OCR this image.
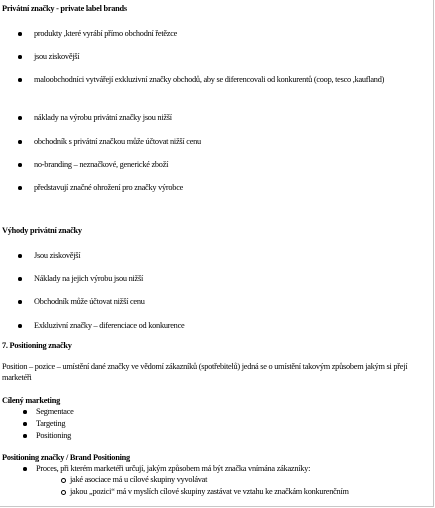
Privátní značky - private label brands
produkty ,které vyrábí přímo obchodní řetězce
jsou ziskovější
maloobchodníci vytvářejí exkluzivní značky obchodů, aby se diferencovali od konkurentů (coop, tesco ,kaufland)
náklady na výrobu privátní značky jsou nižší
obchodník s privátní značkou může účtovat nižší cenu
no-branding – neznačkové, generické zboží
představují značné ohrožení pro značky výrobce
Výhody privátní značky
Jsou ziskovější
Náklady na jejich výrobu jsou nižší
Obchodník může účtovat nižší cenu
Exkluzivní značky – diferenciace od konkurence
7. Positioning značky
Position – pozice – umístění dané značky ve vědomí zákazníků (spotřebitelů) jedná se o umístění takovým způsobem jakým si přejí marketéři
Cílený marketing
Segmentace
Targeting
Positioning
Positioning značky / Brand Positioning
Proces, při kterém marketéři určují, jakým způsobem má být značka vnímána zákazníky:
jaké asociace má u cílové skupiny vyvolávat
jakou „pozici“ má v myslích cílové skupiny zastávat ve vztahu ke značkám konkurenčním
